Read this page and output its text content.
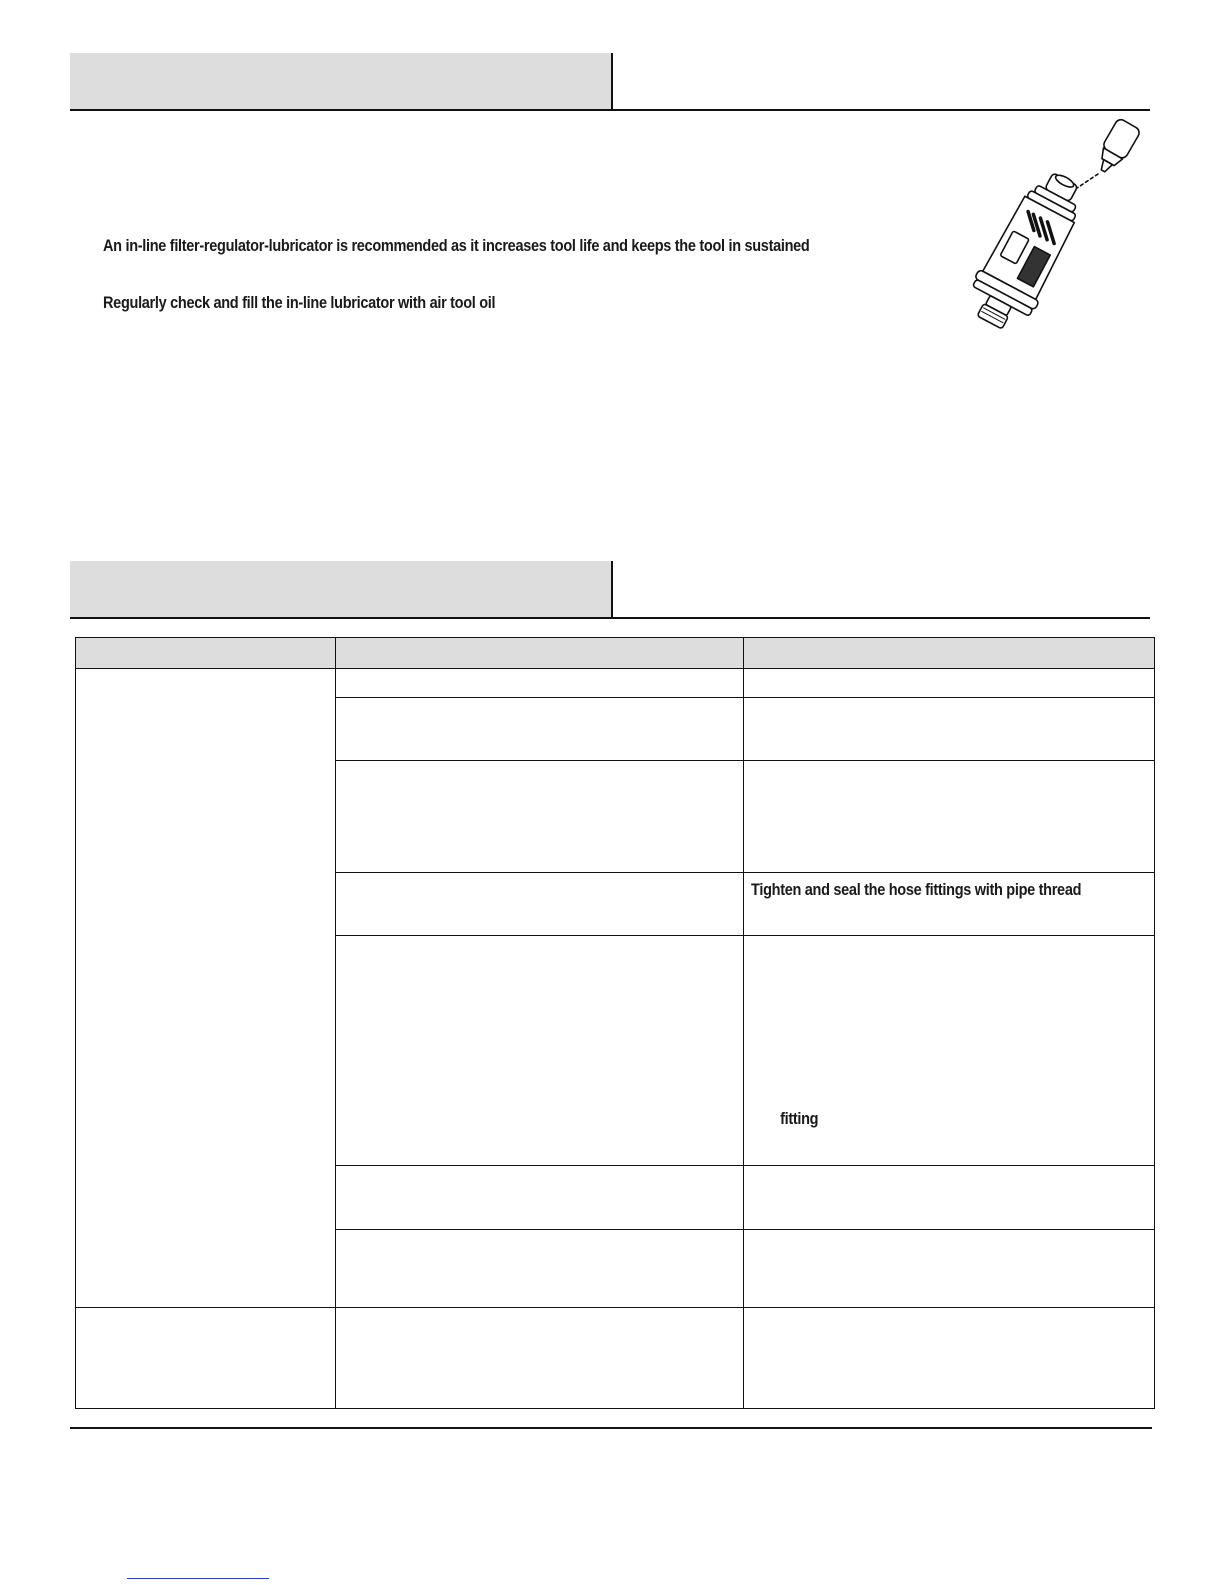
An in-line filter-regulator-lubricator is recommended as it increases tool life and keeps the tool in sustained
Regularly check and fill the in-line lubricator with air tool oil

		Tighten and seal the hose fittings with pipe thread

		fitting
